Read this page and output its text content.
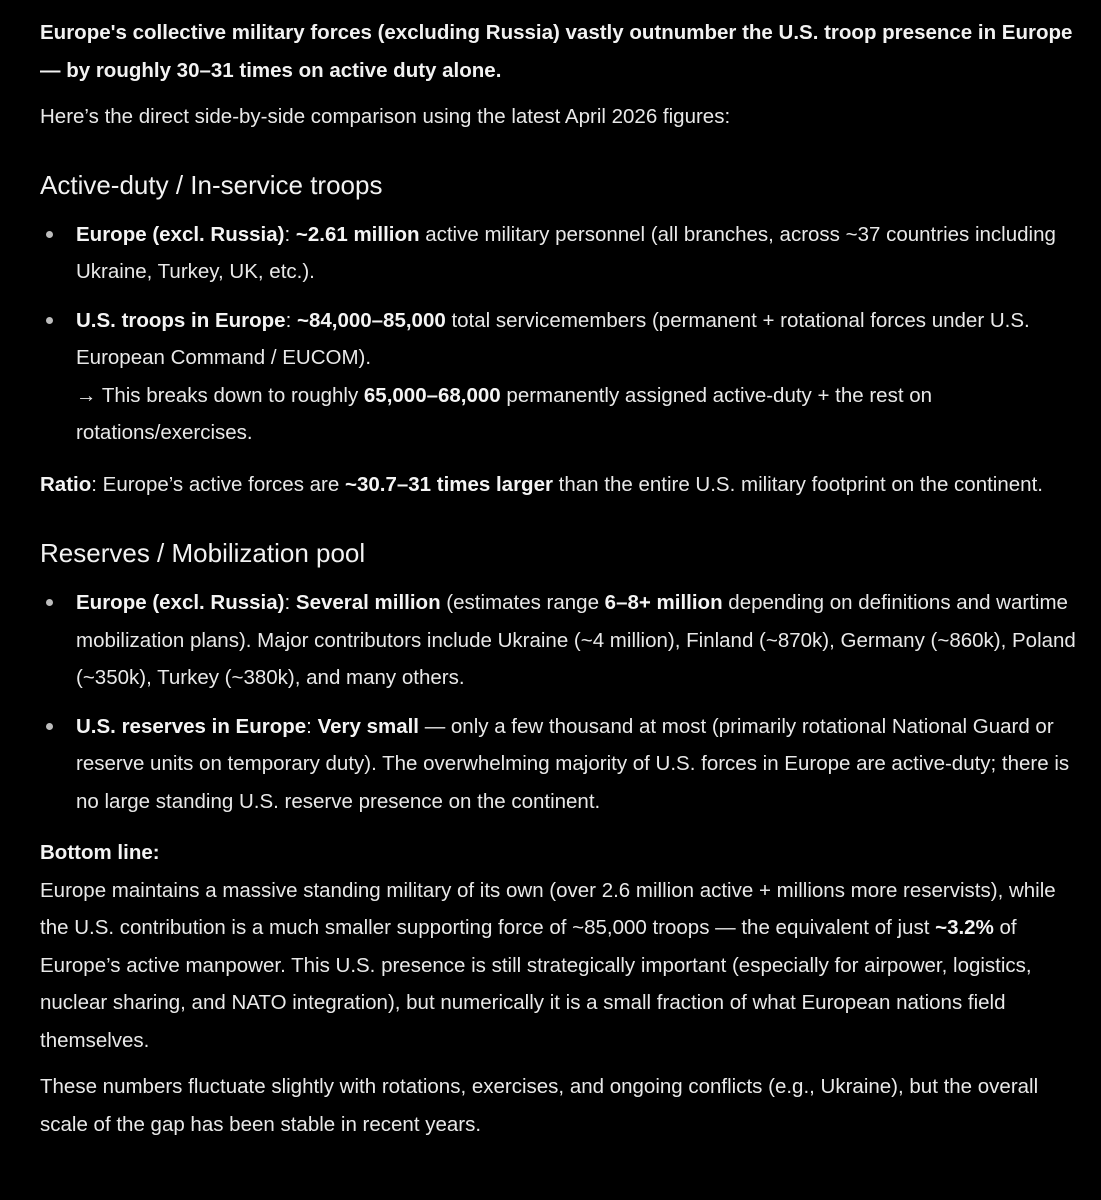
Europe's collective military forces (excluding Russia) vastly outnumber the U.S. troop presence in Europe — by roughly 30–31 times on active duty alone.

Here’s the direct side-by-side comparison using the latest April 2026 figures:

Active-duty / In-service troops
Europe (excl. Russia): ~2.61 million active military personnel (all branches, across ~37 countries including Ukraine, Turkey, UK, etc.).
U.S. troops in Europe: ~84,000–85,000 total servicemembers (permanent + rotational forces under U.S. European Command / EUCOM).
→ This breaks down to roughly 65,000–68,000 permanently assigned active-duty + the rest on rotations/exercises.

Ratio: Europe’s active forces are ~30.7–31 times larger than the entire U.S. military footprint on the continent.

Reserves / Mobilization pool
Europe (excl. Russia): Several million (estimates range 6–8+ million depending on definitions and wartime mobilization plans). Major contributors include Ukraine (~4 million), Finland (~870k), Germany (~860k), Poland (~350k), Turkey (~380k), and many others.
U.S. reserves in Europe: Very small — only a few thousand at most (primarily rotational National Guard or reserve units on temporary duty). The overwhelming majority of U.S. forces in Europe are active-duty; there is no large standing U.S. reserve presence on the continent.

Bottom line:
Europe maintains a massive standing military of its own (over 2.6 million active + millions more reservists), while the U.S. contribution is a much smaller supporting force of ~85,000 troops — the equivalent of just ~3.2% of Europe’s active manpower. This U.S. presence is still strategically important (especially for airpower, logistics, nuclear sharing, and NATO integration), but numerically it is a small fraction of what European nations field themselves.

These numbers fluctuate slightly with rotations, exercises, and ongoing conflicts (e.g., Ukraine), but the overall scale of the gap has been stable in recent years.
